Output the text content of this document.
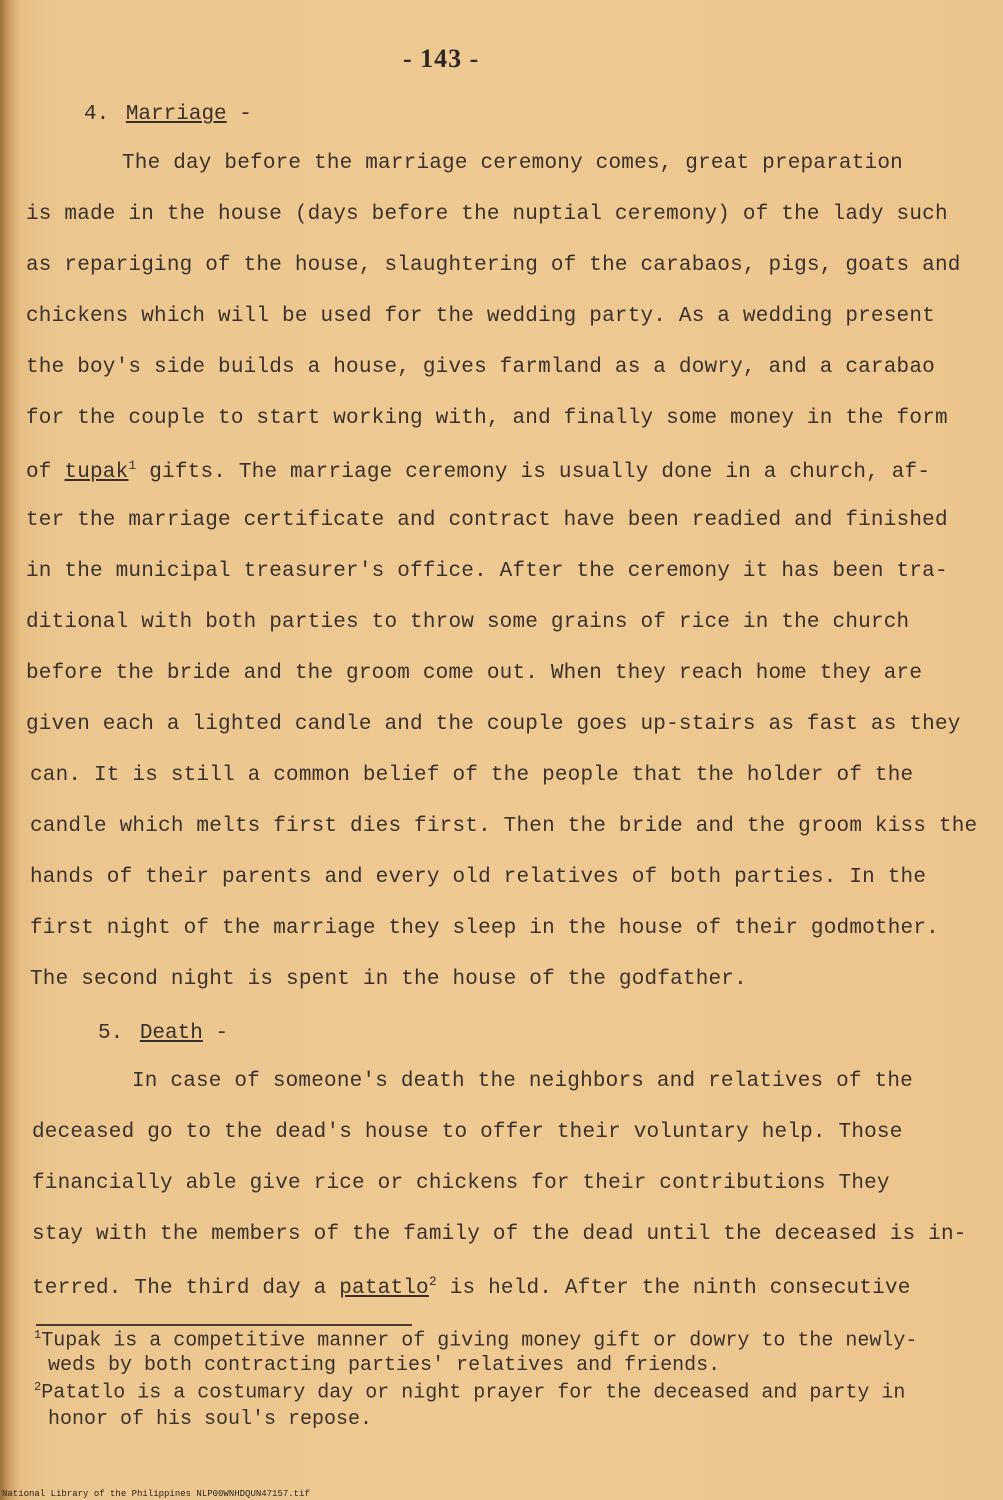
- 143 -
4. Marriage -
The day before the marriage ceremony comes, great preparation
is made in the house (days before the nuptial ceremony) of the lady such
as repariging of the house, slaughtering of the carabaos, pigs, goats and
chickens which will be used for the wedding party. As a wedding present
the boy's side builds a house, gives farmland as a dowry, and a carabao
for the couple to start working with, and finally some money in the form
of tupak$^1$ gifts. The marriage ceremony is usually done in a church, af-
ter the marriage certificate and contract have been readied and finished
in the municipal treasurer's office. After the ceremony it has been tra-
ditional with both parties to throw some grains of rice in the church
before the bride and the groom come out. When they reach home they are
given each a lighted candle and the couple goes up-stairs as fast as they
can. It is still a common belief of the people that the holder of the
candle which melts first dies first. Then the bride and the groom kiss the
hands of their parents and every old relatives of both parties. In the
first night of the marriage they sleep in the house of their godmother.
The second night is spent in the house of the godfather.
5. Death -
In case of someone's death the neighbors and relatives of the
deceased go to the dead's house to offer their voluntary help. Those
financially able give rice or chickens for their contributions They
stay with the members of the family of the dead until the deceased is in-
terred. The third day a patatlo$^2$ is held. After the ninth consecutive
$^1$Tupak is a competitive manner of giving money gift or dowry to the newly-
weds by both contracting parties' relatives and friends.
$^2$Patatlo is a costumary day or night prayer for the deceased and party in
honor of his soul's repose.
National Library of the Philippines NLP00WNHDQUN47157.tif
